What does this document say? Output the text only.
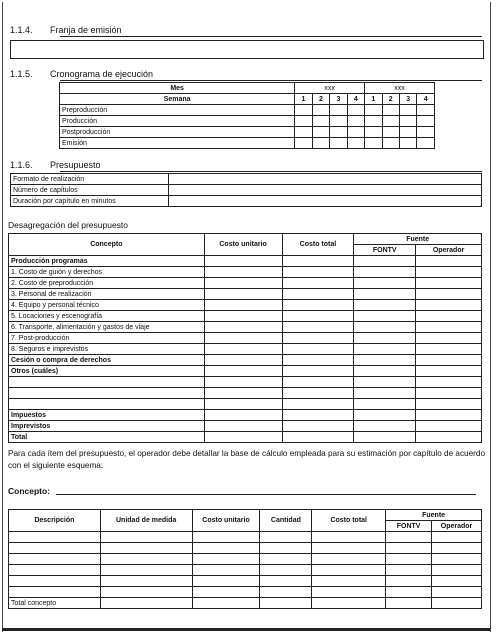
1.1.4. Franja de emisión
1.1.5. Cronograma de ejecución
Mes	xxx				xxx			
Semana	1	2	3	4	1	2	3	4
Preproducción								
Producción								
Postproducción								
Emisión								
1.1.6. Presupuesto
Formato de realización	
Número de capítulos	
Duración por capítulo en minutos	
Desagregación del presupuesto
Concepto	Costo unitario	Costo total	Fuente	
			FONTV	Operador
Producción programas				
1. Costo de guión y derechos				
2. Costo de preproducción				
3. Personal de realización				
4. Equipo y personal técnico				
5. Locaciones y escenografía				
6. Transporte, alimentación y gastos de viaje				
7. Post-producción				
8. Seguros e imprevistos				
Cesión o compra de derechos				
Otros (cuáles)				

Impuestos				
Imprevistos				
Total				
Para cada ítem del presupuesto, el operador debe detallar la base de cálculo empleada para su estimación por capítulo de acuerdo con el siguiente esquema:
Concepto:
Descripción	Unidad de medida	Costo unitario	Cantidad	Costo total	Fuente	
					FONTV	Operador

Total concepto						
